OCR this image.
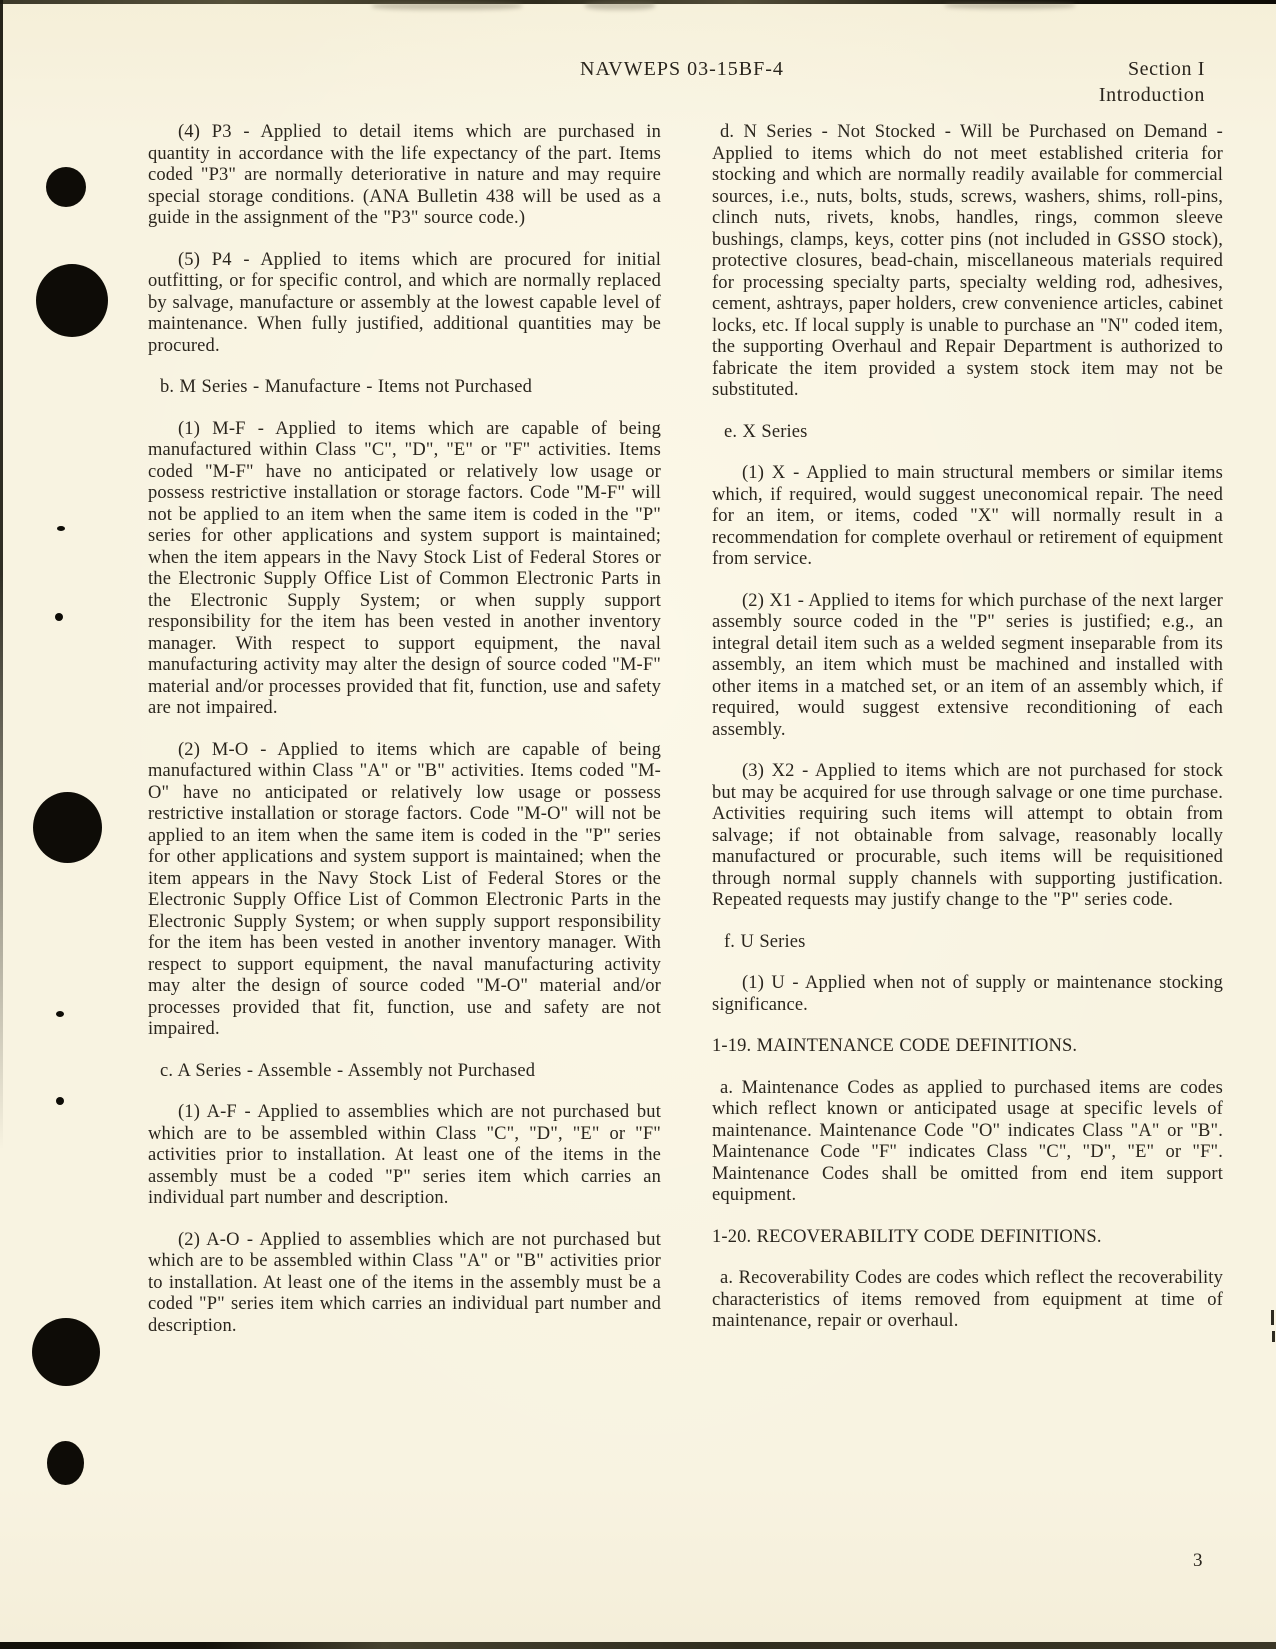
NAVWEPS 03-15BF-4	Section I
Introduction

(4) P3 - Applied to detail items which are purchased in quantity in accordance with the life expectancy of the part. Items coded "P3" are normally deteriorative in nature and may require special storage conditions. (ANA Bulletin 438 will be used as a guide in the assignment of the "P3" source code.)

(5) P4 - Applied to items which are procured for initial outfitting, or for specific control, and which are normally replaced by salvage, manufacture or assembly at the lowest capable level of maintenance. When fully justified, additional quantities may be procured.

b. M Series - Manufacture - Items not Purchased

(1) M-F - Applied to items which are capable of being manufactured within Class "C", "D", "E" or "F" activities. Items coded "M-F" have no anticipated or relatively low usage or possess restrictive installation or storage factors. Code "M-F" will not be applied to an item when the same item is coded in the "P" series for other applications and system support is maintained; when the item appears in the Navy Stock List of Federal Stores or the Electronic Supply Office List of Common Electronic Parts in the Electronic Supply System; or when supply support responsibility for the item has been vested in another inventory manager. With respect to support equipment, the naval manufacturing activity may alter the design of source coded "M-F" material and/or processes provided that fit, function, use and safety are not impaired.

(2) M-O - Applied to items which are capable of being manufactured within Class "A" or "B" activities. Items coded "M-O" have no anticipated or relatively low usage or possess restrictive installation or storage factors. Code "M-O" will not be applied to an item when the same item is coded in the "P" series for other applications and system support is maintained; when the item appears in the Navy Stock List of Federal Stores or the Electronic Supply Office List of Common Electronic Parts in the Electronic Supply System; or when supply support responsibility for the item has been vested in another inventory manager. With respect to support equipment, the naval manufacturing activity may alter the design of source coded "M-O" material and/or processes provided that fit, function, use and safety are not impaired.

c. A Series - Assemble - Assembly not Purchased

(1) A-F - Applied to assemblies which are not purchased but which are to be assembled within Class "C", "D", "E" or "F" activities prior to installation. At least one of the items in the assembly must be a coded "P" series item which carries an individual part number and description.

(2) A-O - Applied to assemblies which are not purchased but which are to be assembled within Class "A" or "B" activities prior to installation. At least one of the items in the assembly must be a coded "P" series item which carries an individual part number and description.

d. N Series - Not Stocked - Will be Purchased on Demand - Applied to items which do not meet established criteria for stocking and which are normally readily available for commercial sources, i.e., nuts, bolts, studs, screws, washers, shims, roll-pins, clinch nuts, rivets, knobs, handles, rings, common sleeve bushings, clamps, keys, cotter pins (not included in GSSO stock), protective closures, bead-chain, miscellaneous materials required for processing specialty parts, specialty welding rod, adhesives, cement, ashtrays, paper holders, crew convenience articles, cabinet locks, etc. If local supply is unable to purchase an "N" coded item, the supporting Overhaul and Repair Department is authorized to fabricate the item provided a system stock item may not be substituted.

e. X Series

(1) X - Applied to main structural members or similar items which, if required, would suggest uneconomical repair. The need for an item, or items, coded "X" will normally result in a recommendation for complete overhaul or retirement of equipment from service.

(2) X1 - Applied to items for which purchase of the next larger assembly source coded in the "P" series is justified; e.g., an integral detail item such as a welded segment inseparable from its assembly, an item which must be machined and installed with other items in a matched set, or an item of an assembly which, if required, would suggest extensive reconditioning of each assembly.

(3) X2 - Applied to items which are not purchased for stock but may be acquired for use through salvage or one time purchase. Activities requiring such items will attempt to obtain from salvage; if not obtainable from salvage, reasonably locally manufactured or procurable, such items will be requisitioned through normal supply channels with supporting justification. Repeated requests may justify change to the "P" series code.

f. U Series

(1) U - Applied when not of supply or maintenance stocking significance.

1-19. MAINTENANCE CODE DEFINITIONS.

a. Maintenance Codes as applied to purchased items are codes which reflect known or anticipated usage at specific levels of maintenance. Maintenance Code "O" indicates Class "A" or "B". Maintenance Code "F" indicates Class "C", "D", "E" or "F". Maintenance Codes shall be omitted from end item support equipment.

1-20. RECOVERABILITY CODE DEFINITIONS.

a. Recoverability Codes are codes which reflect the recoverability characteristics of items removed from equipment at time of maintenance, repair or overhaul.

3
